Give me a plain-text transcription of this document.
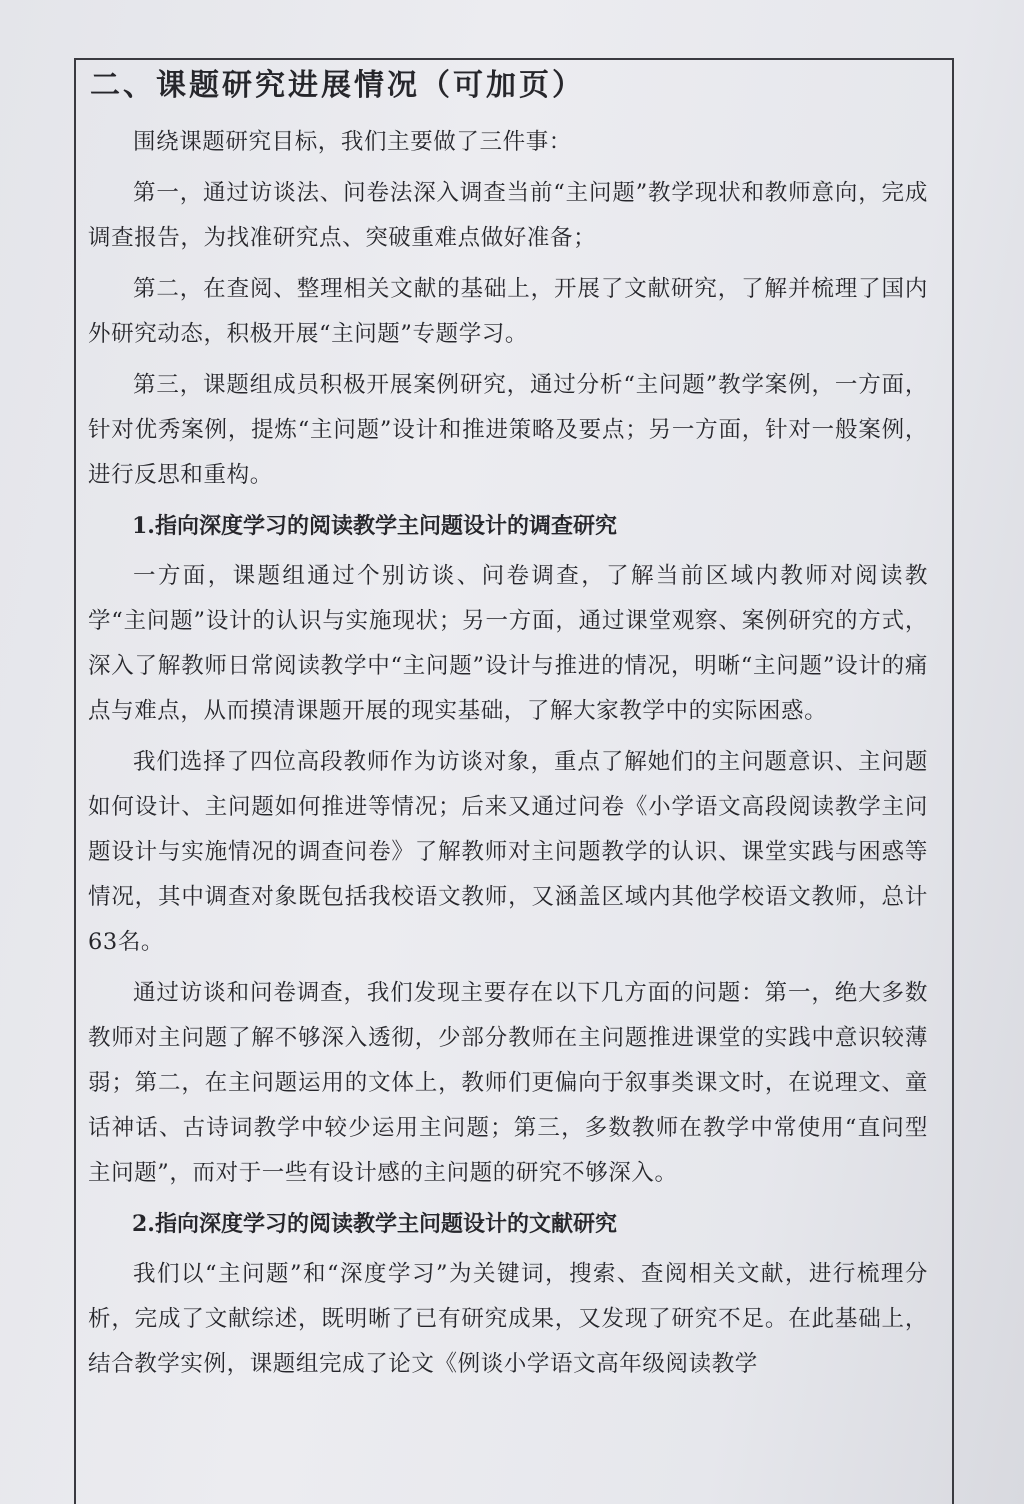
二、课题研究进展情况（可加页）

围绕课题研究目标，我们主要做了三件事：

第一，通过访谈法、问卷法深入调查当前“主问题”教学现状和教师意向，完成调查报告，为找准研究点、突破重难点做好准备；

第二，在查阅、整理相关文献的基础上，开展了文献研究，了解并梳理了国内外研究动态，积极开展“主问题”专题学习。

第三，课题组成员积极开展案例研究，通过分析“主问题”教学案例，一方面，针对优秀案例，提炼“主问题”设计和推进策略及要点；另一方面，针对一般案例，进行反思和重构。

1.指向深度学习的阅读教学主问题设计的调查研究

一方面，课题组通过个别访谈、问卷调查，了解当前区域内教师对阅读教学“主问题”设计的认识与实施现状；另一方面，通过课堂观察、案例研究的方式，深入了解教师日常阅读教学中“主问题”设计与推进的情况，明晰“主问题”设计的痛点与难点，从而摸清课题开展的现实基础，了解大家教学中的实际困惑。

我们选择了四位高段教师作为访谈对象，重点了解她们的主问题意识、主问题如何设计、主问题如何推进等情况；后来又通过问卷《小学语文高段阅读教学主问题设计与实施情况的调查问卷》了解教师对主问题教学的认识、课堂实践与困惑等情况，其中调查对象既包括我校语文教师，又涵盖区域内其他学校语文教师，总计63名。

通过访谈和问卷调查，我们发现主要存在以下几方面的问题：第一，绝大多数教师对主问题了解不够深入透彻，少部分教师在主问题推进课堂的实践中意识较薄弱；第二，在主问题运用的文体上，教师们更偏向于叙事类课文时，在说理文、童话神话、古诗词教学中较少运用主问题；第三，多数教师在教学中常使用“直问型主问题”，而对于一些有设计感的主问题的研究不够深入。

2.指向深度学习的阅读教学主问题设计的文献研究

我们以“主问题”和“深度学习”为关键词，搜索、查阅相关文献，进行梳理分析，完成了文献综述，既明晰了已有研究成果，又发现了研究不足。在此基础上，结合教学实例，课题组完成了论文《例谈小学语文高年级阅读教学
